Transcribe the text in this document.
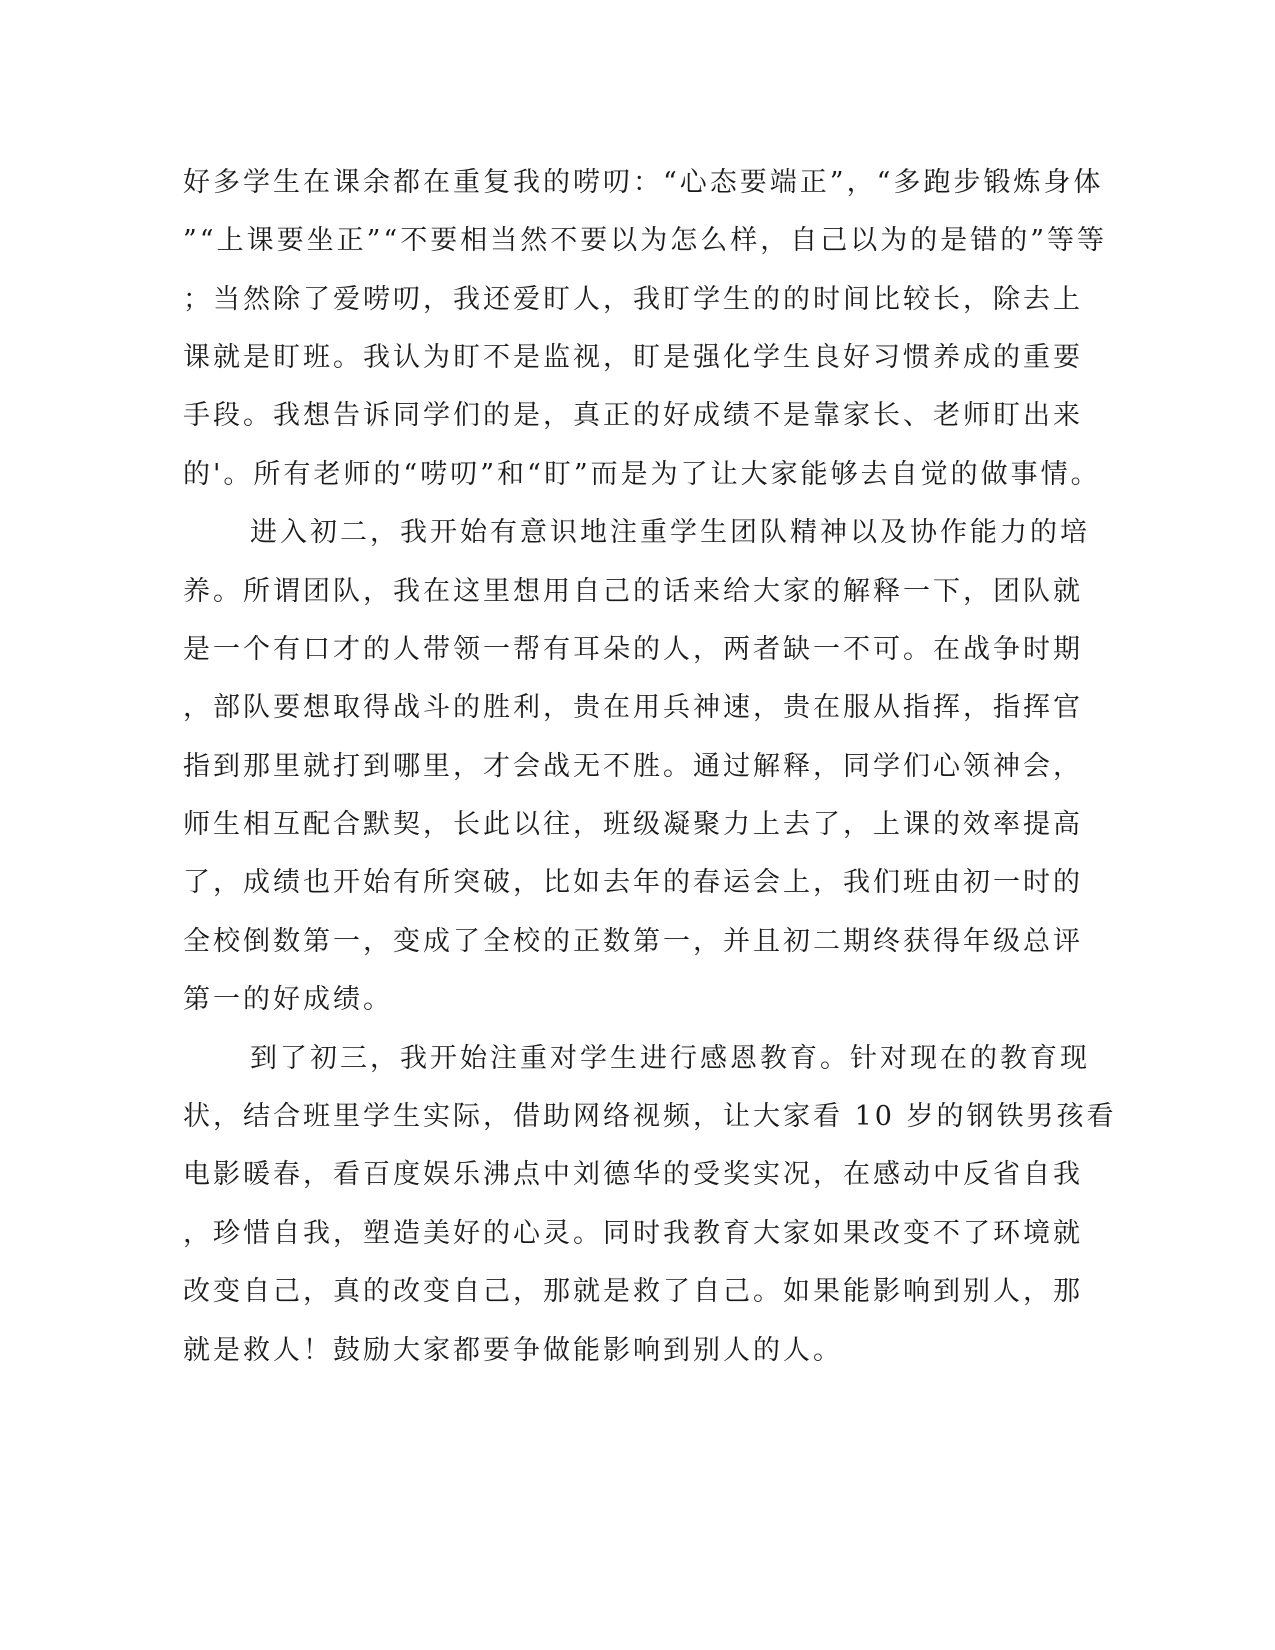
好多学生在课余都在重复我的唠叨：“心态要端正”，“多跑步锻炼身体

”“上课要坐正”“不要相当然不要以为怎么样，自己以为的是错的”等等

；当然除了爱唠叨，我还爱盯人，我盯学生的的时间比较长，除去上

课就是盯班。我认为盯不是监视，盯是强化学生良好习惯养成的重要

手段。我想告诉同学们的是，真正的好成绩不是靠家长、老师盯出来

的'。所有老师的“唠叨”和“盯”而是为了让大家能够去自觉的做事情。

进入初二，我开始有意识地注重学生团队精神以及协作能力的培

养。所谓团队，我在这里想用自己的话来给大家的解释一下，团队就

是一个有口才的人带领一帮有耳朵的人，两者缺一不可。在战争时期

，部队要想取得战斗的胜利，贵在用兵神速，贵在服从指挥，指挥官

指到那里就打到哪里，才会战无不胜。通过解释，同学们心领神会，

师生相互配合默契，长此以往，班级凝聚力上去了，上课的效率提高

了，成绩也开始有所突破，比如去年的春运会上，我们班由初一时的

全校倒数第一，变成了全校的正数第一，并且初二期终获得年级总评

第一的好成绩。

到了初三，我开始注重对学生进行感恩教育。针对现在的教育现

状，结合班里学生实际，借助网络视频，让大家看 10 岁的钢铁男孩看

电影暖春，看百度娱乐沸点中刘德华的受奖实况，在感动中反省自我

，珍惜自我，塑造美好的心灵。同时我教育大家如果改变不了环境就

改变自己，真的改变自己，那就是救了自己。如果能影响到别人，那

就是救人！鼓励大家都要争做能影响到别人的人。
